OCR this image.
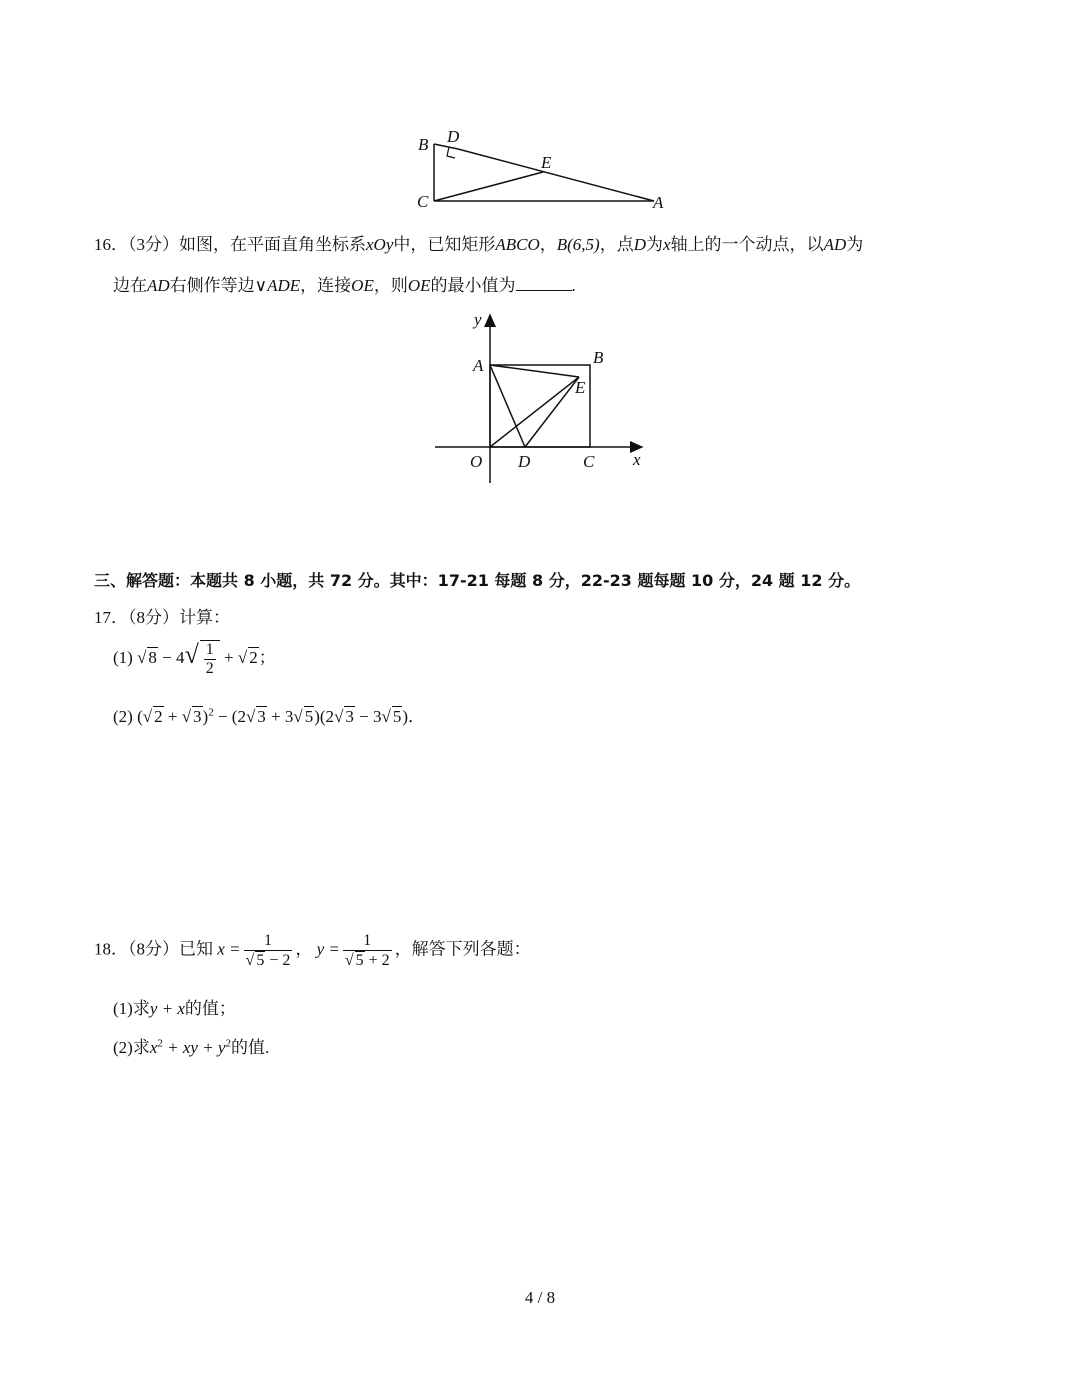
B D
E
C	A
16．（3分）如图，在平面直角坐标系xOy中，已知矩形ABCO，B(6,5)，点D为x轴上的一个动点，以AD为
边在AD右侧作等边∨ADE，连接OE，则OE的最小值为	.
y
A	B
E
O D	C x
三、解答题：本题共 8 小题，共 72 分。其中：17-21 每题 8 分，22-23 题每题 10 分，24 题 12 分。
17．（8分）计算：
(1) √ $8 - 4√ \frac{1}{2}$ + √ 2；
(2) (√ 2 + √ 3)$^2$ − (2√ 3 + 3√ 5)(2√ 3 − 3√ 5)．
18．（8分）已知 $x = \frac{1}{√ 5 - 2}$ ， $y = \frac{1}{√ 5 + 2}$ ，解答下列各题：
(1)求y + x的值；
(2)求$x^2$ + xy + $y^2$的值.
4 / 8
